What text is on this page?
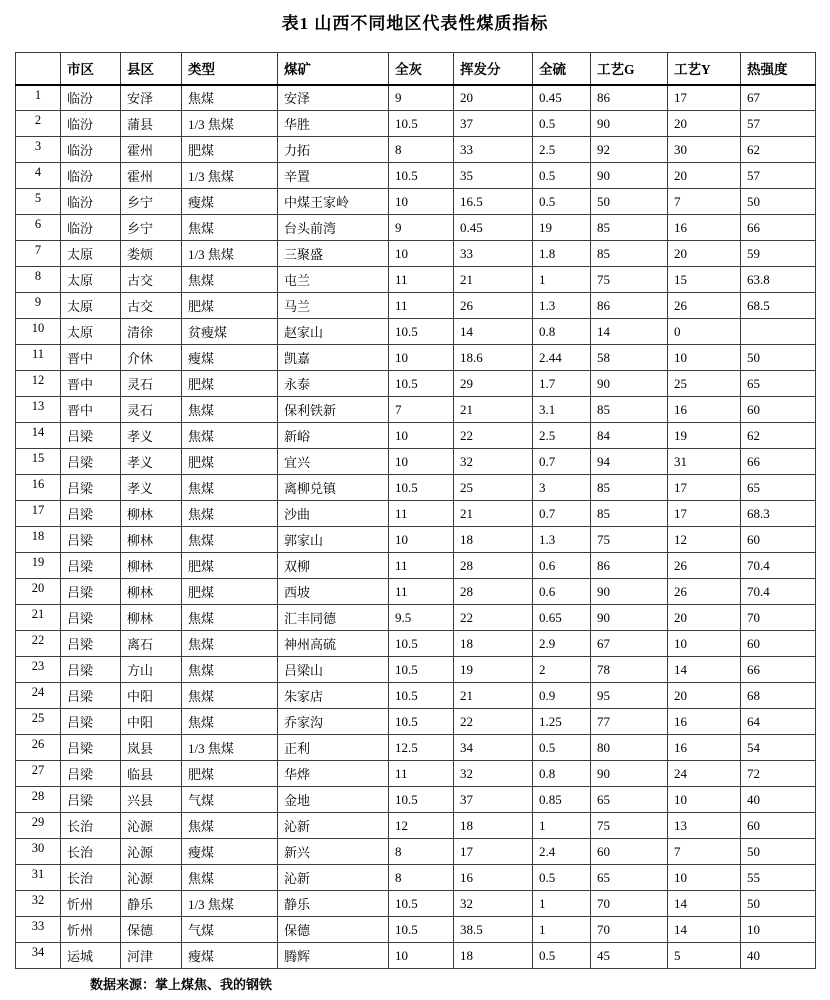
表1 山西不同地区代表性煤质指标
	市区	县区	类型	煤矿	全灰	挥发分	全硫	工艺G	工艺Y	热强度
1	临汾	安泽	焦煤	安泽	9	20	0.45	86	17	67
2	临汾	蒲县	1/3 焦煤	华胜	10.5	37	0.5	90	20	57
3	临汾	霍州	肥煤	力拓	8	33	2.5	92	30	62
4	临汾	霍州	1/3 焦煤	辛置	10.5	35	0.5	90	20	57
5	临汾	乡宁	瘦煤	中煤王家岭	10	16.5	0.5	50	7	50
6	临汾	乡宁	焦煤	台头前湾	9	0.45	19	85	16	66
7	太原	娄烦	1/3 焦煤	三聚盛	10	33	1.8	85	20	59
8	太原	古交	焦煤	屯兰	11	21	1	75	15	63.8
9	太原	古交	肥煤	马兰	11	26	1.3	86	26	68.5
10	太原	清徐	贫瘦煤	赵家山	10.5	14	0.8	14	0	
11	晋中	介休	瘦煤	凯嘉	10	18.6	2.44	58	10	50
12	晋中	灵石	肥煤	永泰	10.5	29	1.7	90	25	65
13	晋中	灵石	焦煤	保利铁新	7	21	3.1	85	16	60
14	吕梁	孝义	焦煤	新峪	10	22	2.5	84	19	62
15	吕梁	孝义	肥煤	宜兴	10	32	0.7	94	31	66
16	吕梁	孝义	焦煤	离柳兑镇	10.5	25	3	85	17	65
17	吕梁	柳林	焦煤	沙曲	11	21	0.7	85	17	68.3
18	吕梁	柳林	焦煤	郭家山	10	18	1.3	75	12	60
19	吕梁	柳林	肥煤	双柳	11	28	0.6	86	26	70.4
20	吕梁	柳林	肥煤	西坡	11	28	0.6	90	26	70.4
21	吕梁	柳林	焦煤	汇丰同德	9.5	22	0.65	90	20	70
22	吕梁	离石	焦煤	神州高硫	10.5	18	2.9	67	10	60
23	吕梁	方山	焦煤	吕梁山	10.5	19	2	78	14	66
24	吕梁	中阳	焦煤	朱家店	10.5	21	0.9	95	20	68
25	吕梁	中阳	焦煤	乔家沟	10.5	22	1.25	77	16	64
26	吕梁	岚县	1/3 焦煤	正利	12.5	34	0.5	80	16	54
27	吕梁	临县	肥煤	华烨	11	32	0.8	90	24	72
28	吕梁	兴县	气煤	金地	10.5	37	0.85	65	10	40
29	长治	沁源	焦煤	沁新	12	18	1	75	13	60
30	长治	沁源	瘦煤	新兴	8	17	2.4	60	7	50
31	长治	沁源	焦煤	沁新	8	16	0.5	65	10	55
32	忻州	静乐	1/3 焦煤	静乐	10.5	32	1	70	14	50
33	忻州	保德	气煤	保德	10.5	38.5	1	70	14	10
34	运城	河津	瘦煤	腾辉	10	18	0.5	45	5	40
数据来源：掌上煤焦、我的钢铁
